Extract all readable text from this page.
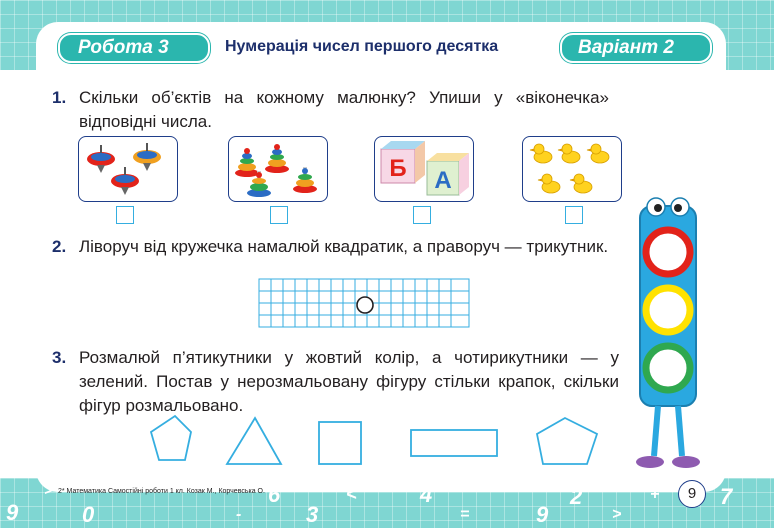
Робота 3	Нумерація чисел першого десятка	Варіант 2
1. Скільки об’єктів на кожному малюнку? Упиши у «віконечка» відповідні числа.
Б А
2. Ліворуч від кружечка намалюй квадратик, а праворуч — трикутник.
3. Розмалюй п’ятикутники у жовтий колір, а чотирикутники — у зелений. Постав у нерозмальовану фігуру стільки крапок, скільки фігур розмальовано.
9	0
6	<	4	2	+	7
-	3	=	9	>
> 2* Математика Самостійні роботи 1 кл. Козак М., Корчевська О.	9
